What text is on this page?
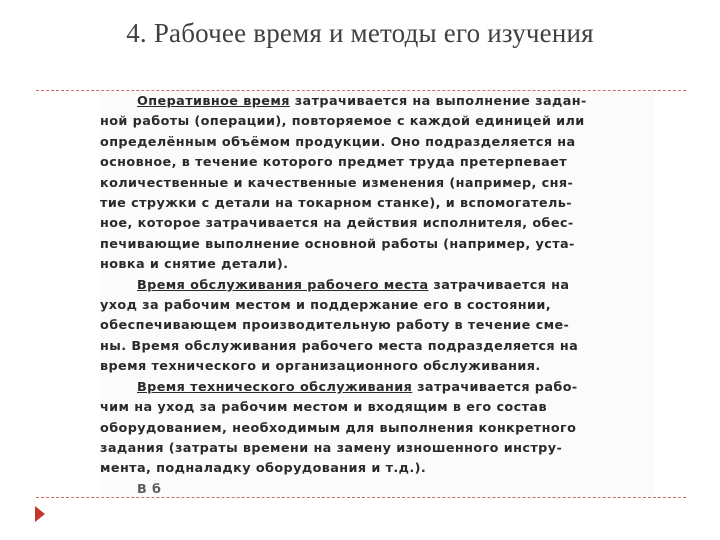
4. Рабочее время и методы его изучения
Оперативное время затрачивается на выполнение задан-
ной работы (операции), повторяемое с каждой единицей или
определённым объёмом продукции. Оно подразделяется на
основное, в течение которого предмет труда претерпевает
количественные и качественные изменения (например, сня-
тие стружки с детали на токарном станке), и вспомогатель-
ное, которое затрачивается на действия исполнителя, обес-
печивающие выполнение основной работы (например, уста-
новка и снятие детали).
Время обслуживания рабочего места затрачивается на
уход за рабочим местом и поддержание его в состоянии,
обеспечивающем производительную работу в течение сме-
ны. Время обслуживания рабочего места подразделяется на
время технического и организационного обслуживания.
Время технического обслуживания затрачивается рабо-
чим на уход за рабочим местом и входящим в его состав
оборудованием, необходимым для выполнения конкретного
задания (затраты времени на замену изношенного инстру-
мента, подналадку оборудования и т.д.).
В б
